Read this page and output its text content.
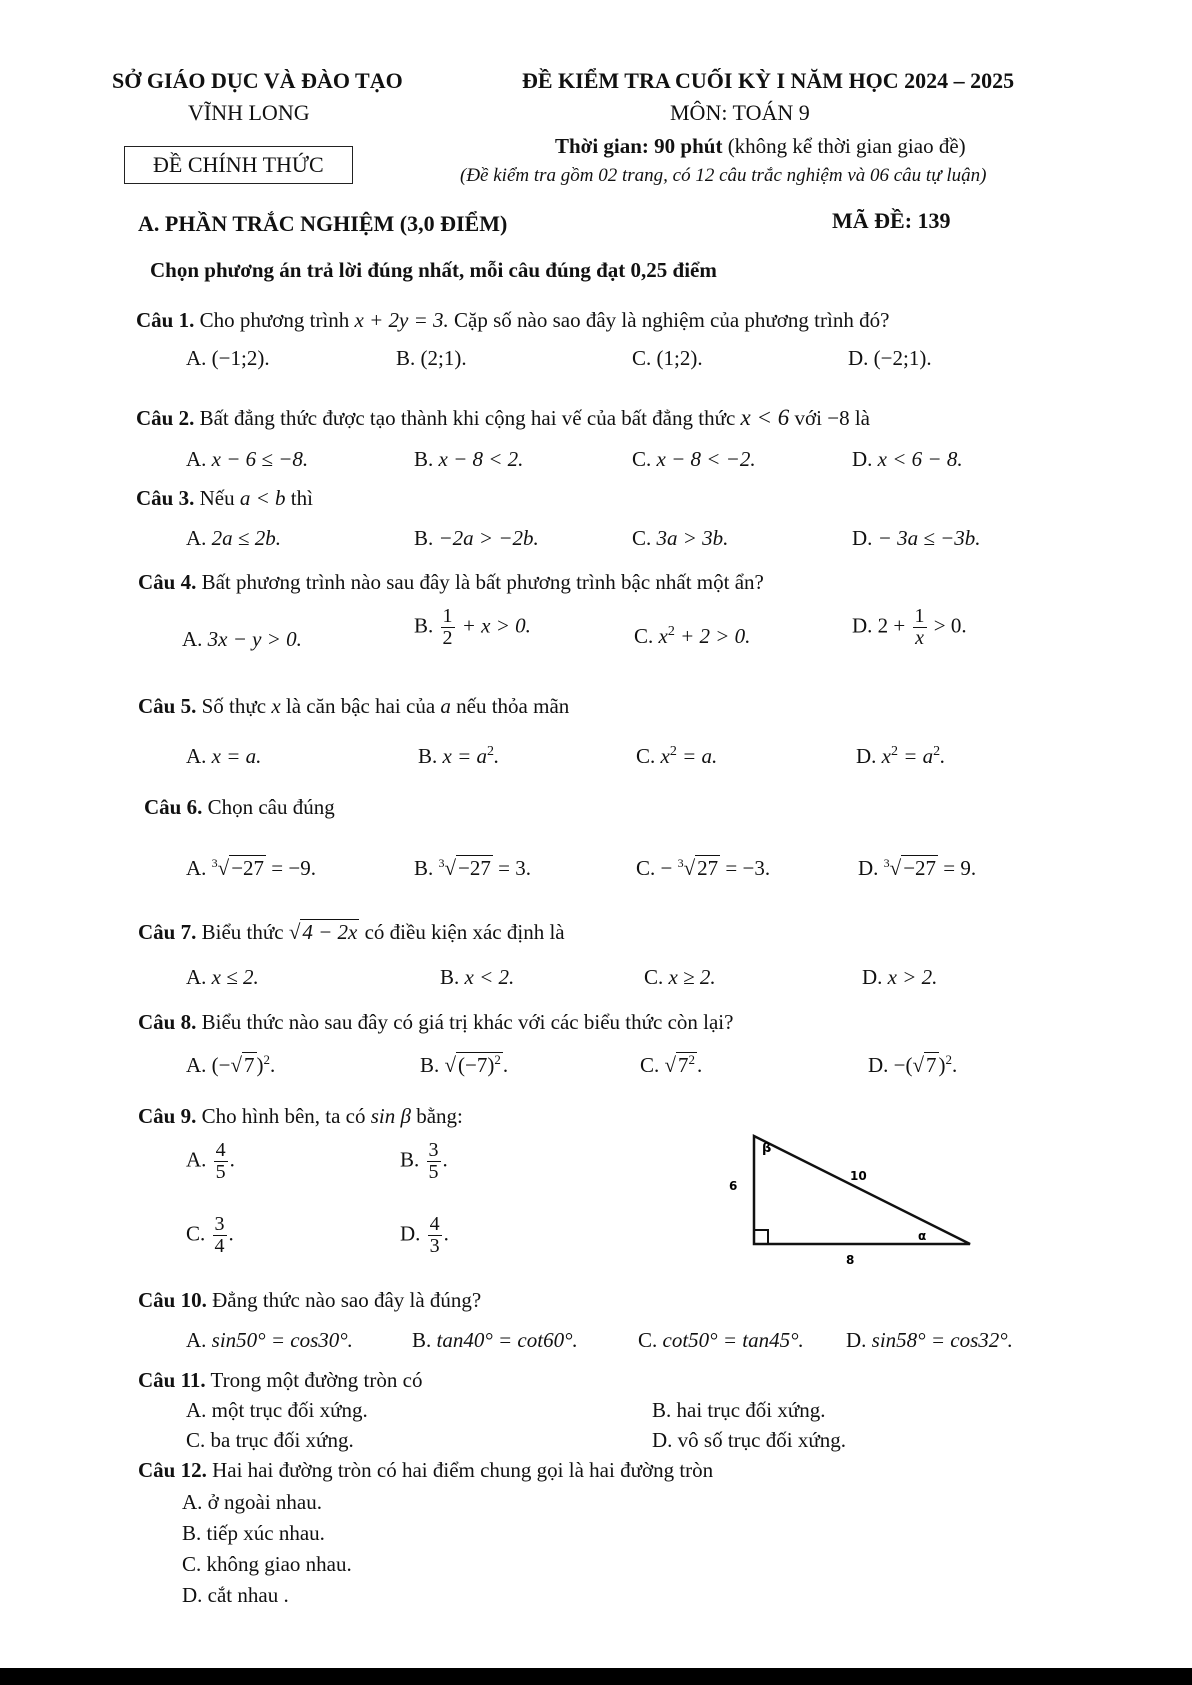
SỞ GIÁO DỤC VÀ ĐÀO TẠO
VĨNH LONG
ĐỀ KIỂM TRA CUỐI KỲ I NĂM HỌC 2024 – 2025
MÔN: TOÁN 9
ĐỀ CHÍNH THỨC
Thời gian: 90 phút (không kể thời gian giao đề)
(Đề kiểm tra gồm 02 trang, có 12 câu trắc nghiệm và 06 câu tự luận)
A. PHẦN TRẮC NGHIỆM (3,0 ĐIỂM)	MÃ ĐỀ: 139
Chọn phương án trả lời đúng nhất, mỗi câu đúng đạt 0,25 điểm
Câu 1. Cho phương trình x + 2y = 3. Cặp số nào sao đây là nghiệm của phương trình đó?
A. (−1;2).	B. (2;1).	C. (1;2).	D. (−2;1).
Câu 2. Bất đẳng thức được tạo thành khi cộng hai vế của bất đẳng thức x < 6 với −8 là
A. x − 6 ≤ −8.	B. x − 8 < 2.	C. x − 8 < −2.	D. x < 6 − 8.
Câu 3. Nếu a < b thì
A. 2a ≤ 2b.	B. −2a > −2b.	C. 3a > 3b.	D. − 3a ≤ −3b.
Câu 4. Bất phương trình nào sau đây là bất phương trình bậc nhất một ẩn?
A. 3x − y > 0.
B. $\frac{1}{2} + x > 0$.	C. $x^2 + 2 > 0$.	D. $2 + \frac{1}{x} > 0$.
Câu 5. Số thực x là căn bậc hai của a nếu thỏa mãn
A. x = a.	B. $x = a^2$.	C. $x^2 = a$.	D. $x^2 = a^2$.
Câu 6. Chọn câu đúng
A. $^3$√−27 = −9.	B. $^3$√−27 = 3.	C. − $^3$√27 = −3.	D. $^3$√−27 = 9.
Câu 7. Biểu thức √4 − 2x có điều kiện xác định là
A. x ≤ 2.	B. x < 2.	C. x ≥ 2.	D. x > 2.
Câu 8. Biểu thức nào sau đây có giá trị khác với các biểu thức còn lại?
A. $(-√7)^2$.	B. $√(-7)^2$.	C. $√7^2$.	D. $-(√7)^2$.
Câu 9. Cho hình bên, ta có sin β bằng:
A. $\frac{4}{5}$ .	B. $\frac{3}{5}$ .
C. $\frac{3}{4}$ .	D. $\frac{4}{3}$ .
β
α
6
10
8
Câu 10. Đẳng thức nào sao đây là đúng?
A. sin50° = cos30°.	B. tan40° = cot60°.	C. cot50° = tan45°. D. sin58° = cos32°.
Câu 11. Trong một đường tròn có
A. một trục đối xứng.	B. hai trục đối xứng.
C. ba trục đối xứng.	D. vô số trục đối xứng.
Câu 12. Hai hai đường tròn có hai điểm chung gọi là hai đường tròn
A. ở ngoài nhau.
B. tiếp xúc nhau.
C. không giao nhau.
D. cắt nhau .
